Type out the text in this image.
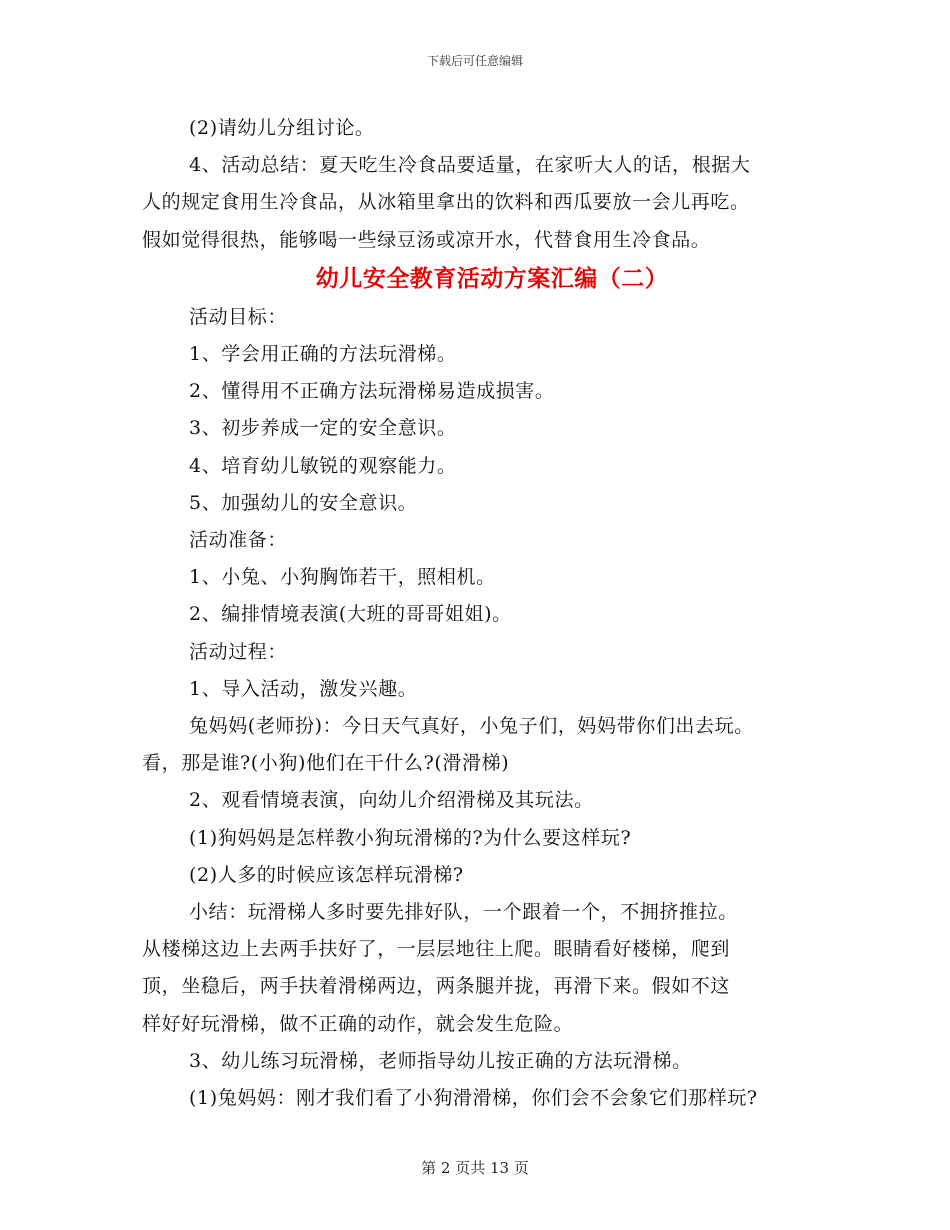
下载后可任意编辑
(2)请幼儿分组讨论。
4、活动总结：夏天吃生冷食品要适量，在家听大人的话，根据大
人的规定食用生冷食品，从冰箱里拿出的饮料和西瓜要放一会儿再吃。
假如觉得很热，能够喝一些绿豆汤或凉开水，代替食用生冷食品。
幼儿安全教育活动方案汇编（二）
活动目标：
1、学会用正确的方法玩滑梯。
2、懂得用不正确方法玩滑梯易造成损害。
3、初步养成一定的安全意识。
4、培育幼儿敏锐的观察能力。
5、加强幼儿的安全意识。
活动准备：
1、小兔、小狗胸饰若干，照相机。
2、编排情境表演(大班的哥哥姐姐)。
活动过程：
1、导入活动，激发兴趣。
兔妈妈(老师扮)：今日天气真好，小兔子们，妈妈带你们出去玩。
看，那是谁?(小狗)他们在干什么?(滑滑梯)
2、观看情境表演，向幼儿介绍滑梯及其玩法。
(1)狗妈妈是怎样教小狗玩滑梯的?为什么要这样玩?
(2)人多的时候应该怎样玩滑梯?
小结：玩滑梯人多时要先排好队，一个跟着一个，不拥挤推拉。
从楼梯这边上去两手扶好了，一层层地往上爬。眼睛看好楼梯，爬到
顶，坐稳后，两手扶着滑梯两边，两条腿并拢，再滑下来。假如不这
样好好玩滑梯，做不正确的动作，就会发生危险。
3、幼儿练习玩滑梯，老师指导幼儿按正确的方法玩滑梯。
(1)兔妈妈：刚才我们看了小狗滑滑梯，你们会不会象它们那样玩?
第 2 页共 13 页
